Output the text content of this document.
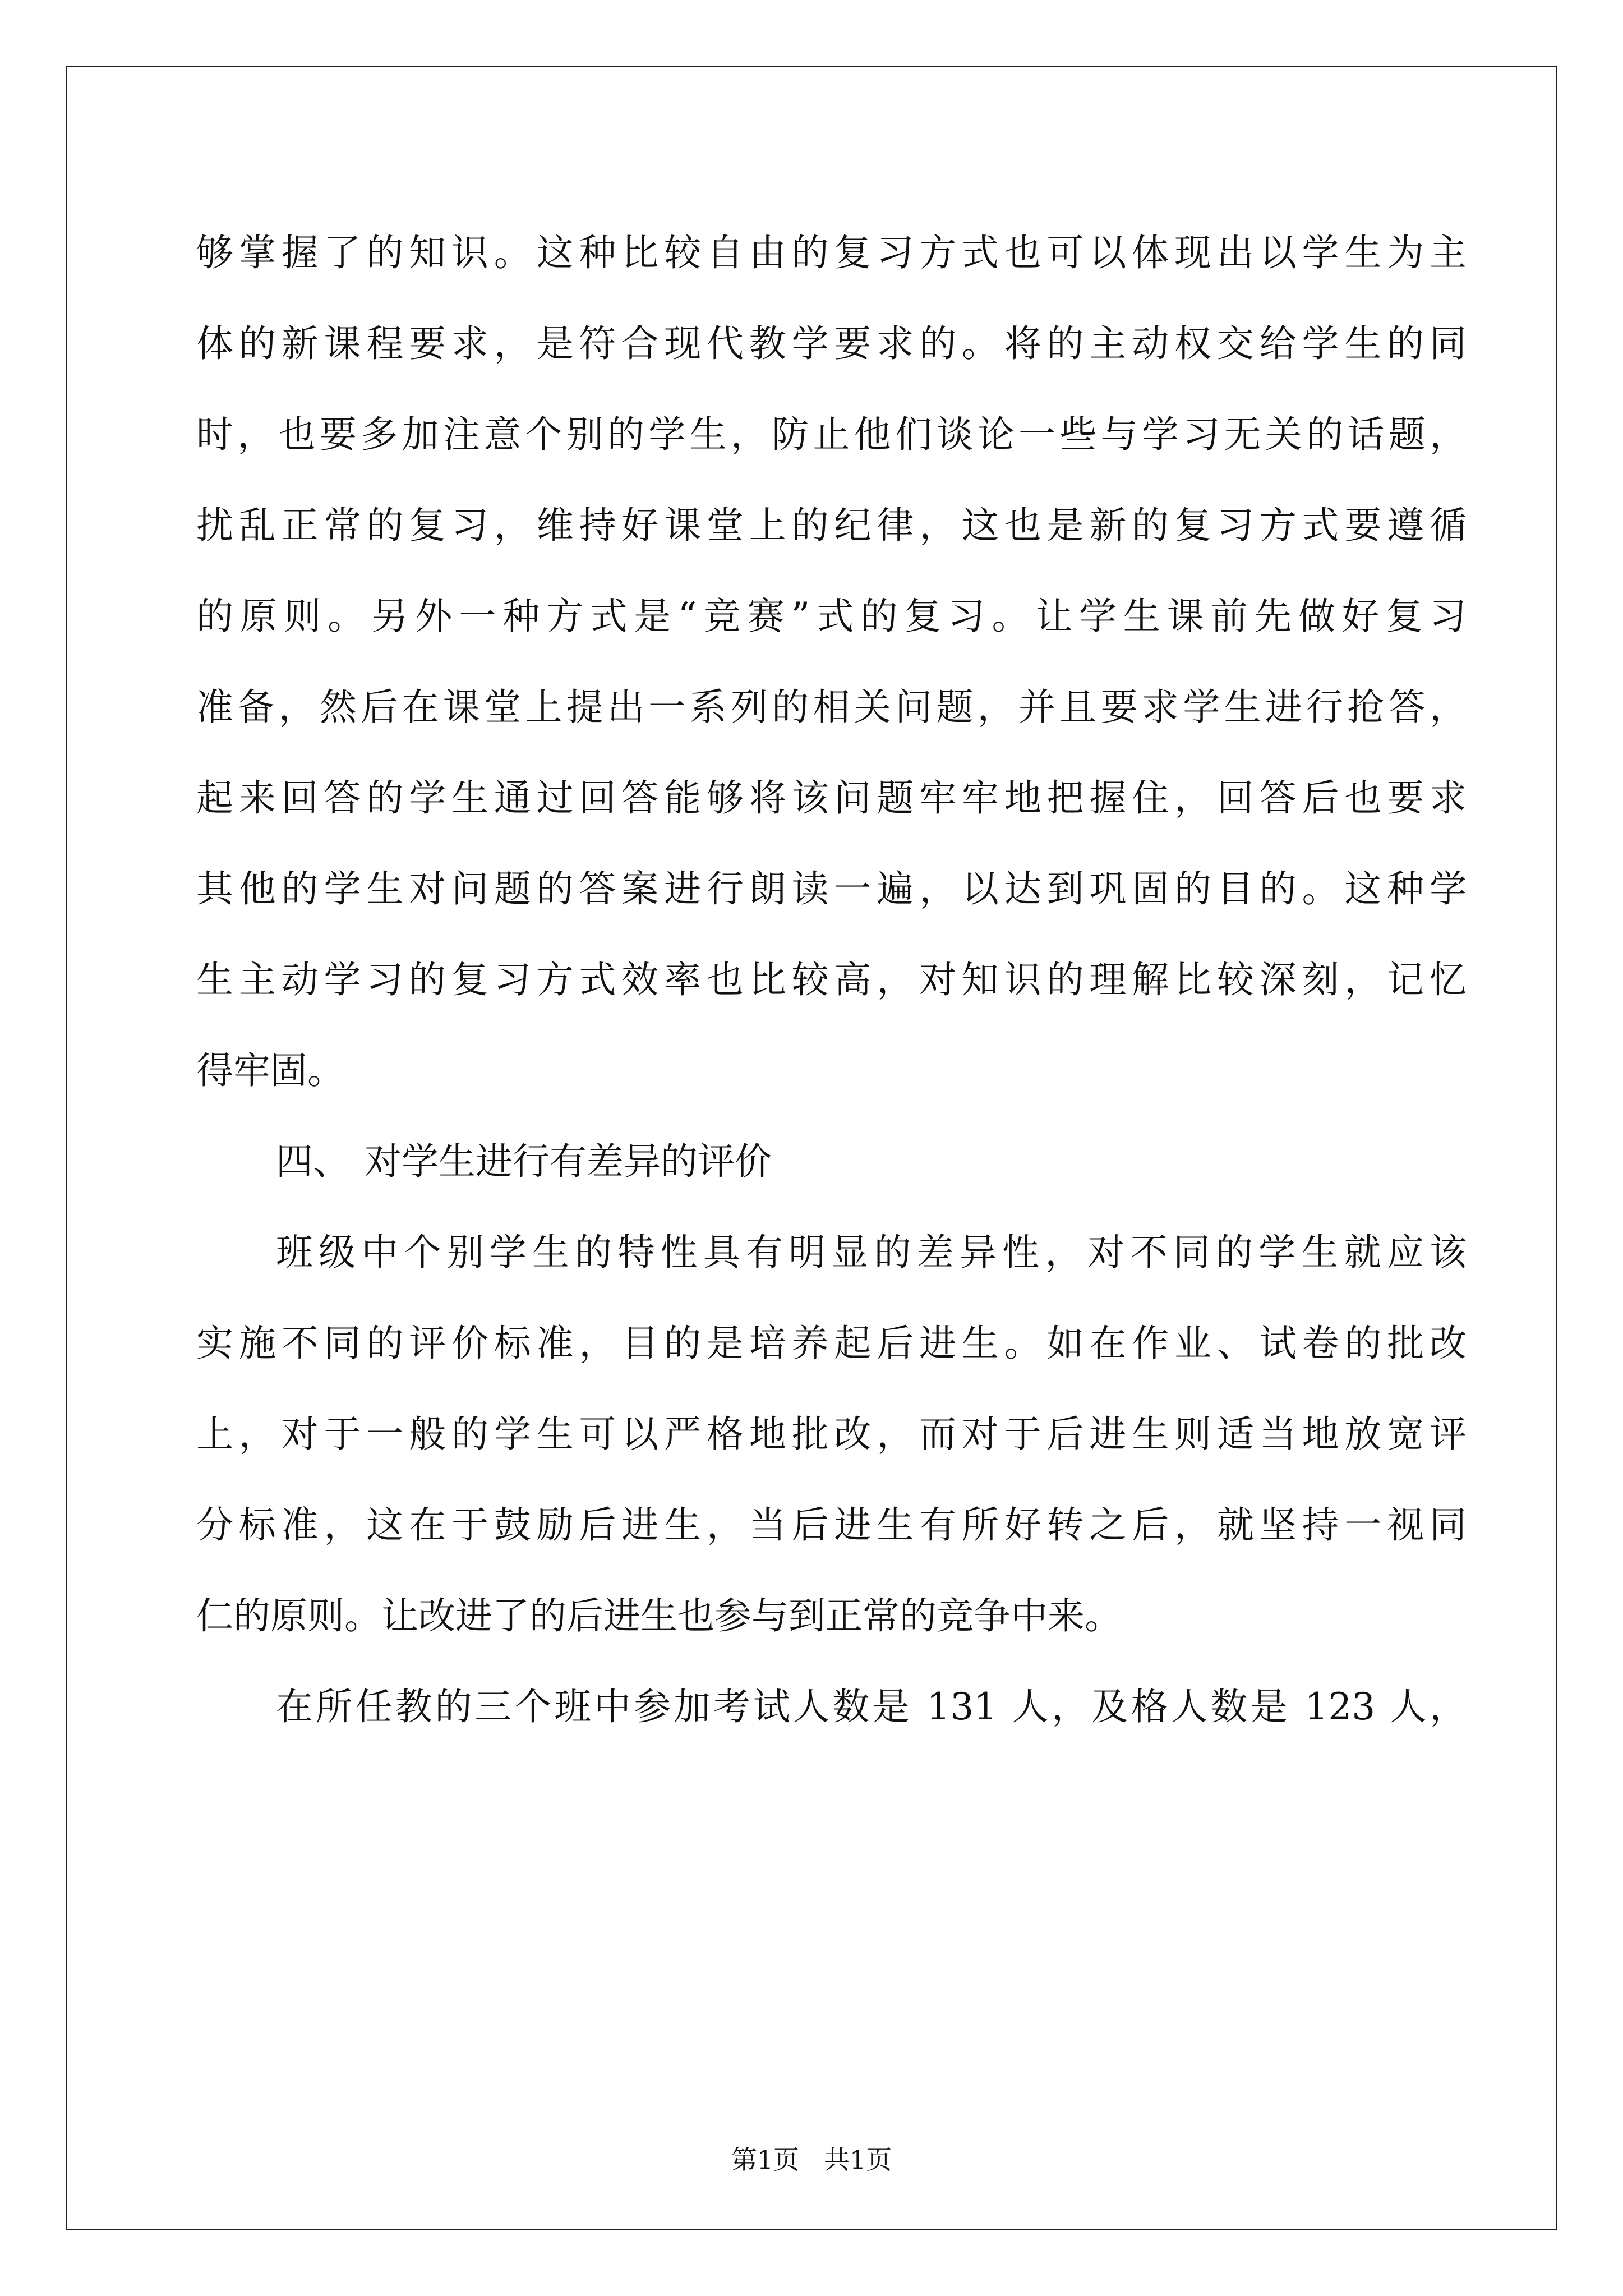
够掌握了的知识。这种比较自由的复习方式也可以体现出以学生为主
体的新课程要求，是符合现代教学要求的。将的主动权交给学生的同
时，也要多加注意个别的学生，防止他们谈论一些与学习无关的话题，
扰乱正常的复习，维持好课堂上的纪律，这也是新的复习方式要遵循
的原则。另外一种方式是“竞赛”式的复习。让学生课前先做好复习
准备，然后在课堂上提出一系列的相关问题，并且要求学生进行抢答，
起来回答的学生通过回答能够将该问题牢牢地把握住，回答后也要求
其他的学生对问题的答案进行朗读一遍，以达到巩固的目的。这种学
生主动学习的复习方式效率也比较高，对知识的理解比较深刻，记忆
得牢固。
四、 对学生进行有差异的评价
班级中个别学生的特性具有明显的差异性，对不同的学生就应该
实施不同的评价标准，目的是培养起后进生。如在作业、试卷的批改
上，对于一般的学生可以严格地批改，而对于后进生则适当地放宽评
分标准，这在于鼓励后进生，当后进生有所好转之后，就坚持一视同
仁的原则。让改进了的后进生也参与到正常的竞争中来。
在所任教的三个班中参加考试人数是 131 人，及格人数是 123 人，
第1页 共1页
